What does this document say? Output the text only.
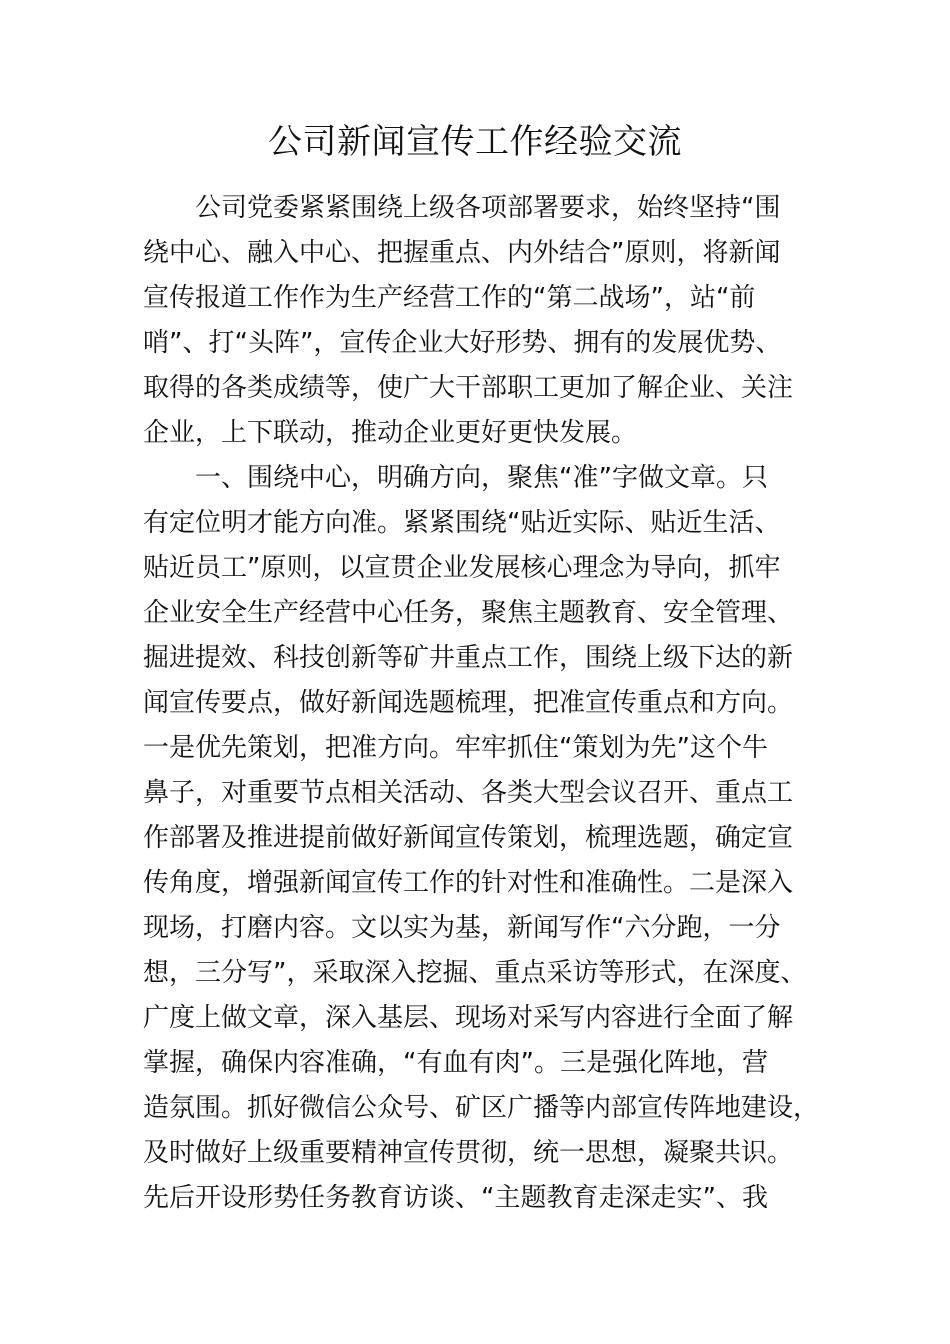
公司新闻宣传工作经验交流

公司党委紧紧围绕上级各项部署要求，始终坚持“围

绕中心、融入中心、把握重点、内外结合”原则，将新闻

宣传报道工作作为生产经营工作的“第二战场”，站“前

哨”、打“头阵”，宣传企业大好形势、拥有的发展优势、

取得的各类成绩等，使广大干部职工更加了解企业、关注

企业，上下联动，推动企业更好更快发展。

一、围绕中心，明确方向，聚焦“准”字做文章。只

有定位明才能方向准。紧紧围绕“贴近实际、贴近生活、

贴近员工”原则，以宣贯企业发展核心理念为导向，抓牢

企业安全生产经营中心任务，聚焦主题教育、安全管理、

掘进提效、科技创新等矿井重点工作，围绕上级下达的新

闻宣传要点，做好新闻选题梳理，把准宣传重点和方向。

一是优先策划，把准方向。牢牢抓住“策划为先”这个牛

鼻子，对重要节点相关活动、各类大型会议召开、重点工

作部署及推进提前做好新闻宣传策划，梳理选题，确定宣

传角度，增强新闻宣传工作的针对性和准确性。二是深入

现场，打磨内容。文以实为基，新闻写作“六分跑，一分

想，三分写”，采取深入挖掘、重点采访等形式，在深度、

广度上做文章，深入基层、现场对采写内容进行全面了解

掌握，确保内容准确，“有血有肉”。三是强化阵地，营

造氛围。抓好微信公众号、矿区广播等内部宣传阵地建设，

及时做好上级重要精神宣传贯彻，统一思想，凝聚共识。

先后开设形势任务教育访谈、“主题教育走深走实”、我
